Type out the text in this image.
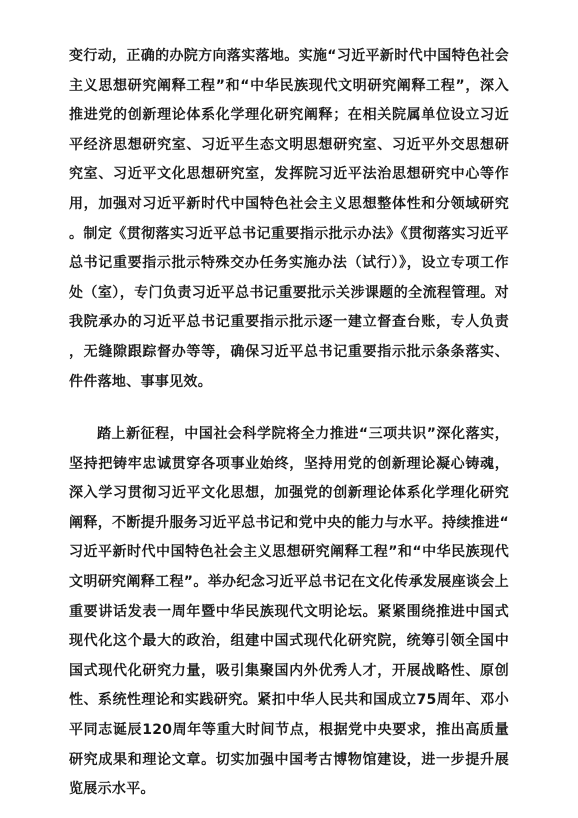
变行动，正确的办院方向落实落地。实施“习近平新时代中国特色社会主义思想研究阐释工程”和“中华民族现代文明研究阐释工程”，深入推进党的创新理论体系化学理化研究阐释；在相关院属单位设立习近平经济思想研究室、习近平生态文明思想研究室、习近平外交思想研究室、习近平文化思想研究室，发挥院习近平法治思想研究中心等作用，加强对习近平新时代中国特色社会主义思想整体性和分领域研究。制定《贯彻落实习近平总书记重要指示批示办法》《贯彻落实习近平总书记重要指示批示特殊交办任务实施办法（试行）》，设立专项工作处（室），专门负责习近平总书记重要批示关涉课题的全流程管理。对我院承办的习近平总书记重要指示批示逐一建立督查台账，专人负责，无缝隙跟踪督办等等，确保习近平总书记重要指示批示条条落实、件件落地、事事见效。

踏上新征程，中国社会科学院将全力推进“三项共识”深化落实，坚持把铸牢忠诚贯穿各项事业始终，坚持用党的创新理论凝心铸魂，深入学习贯彻习近平文化思想，加强党的创新理论体系化学理化研究阐释，不断提升服务习近平总书记和党中央的能力与水平。持续推进“习近平新时代中国特色社会主义思想研究阐释工程”和“中华民族现代文明研究阐释工程”。举办纪念习近平总书记在文化传承发展座谈会上重要讲话发表一周年暨中华民族现代文明论坛。紧紧围绕推进中国式现代化这个最大的政治，组建中国式现代化研究院，统筹引领全国中国式现代化研究力量，吸引集聚国内外优秀人才，开展战略性、原创性、系统性理论和实践研究。紧扣中华人民共和国成立75周年、邓小平同志诞辰120周年等重大时间节点，根据党中央要求，推出高质量研究成果和理论文章。切实加强中国考古博物馆建设，进一步提升展览展示水平。
